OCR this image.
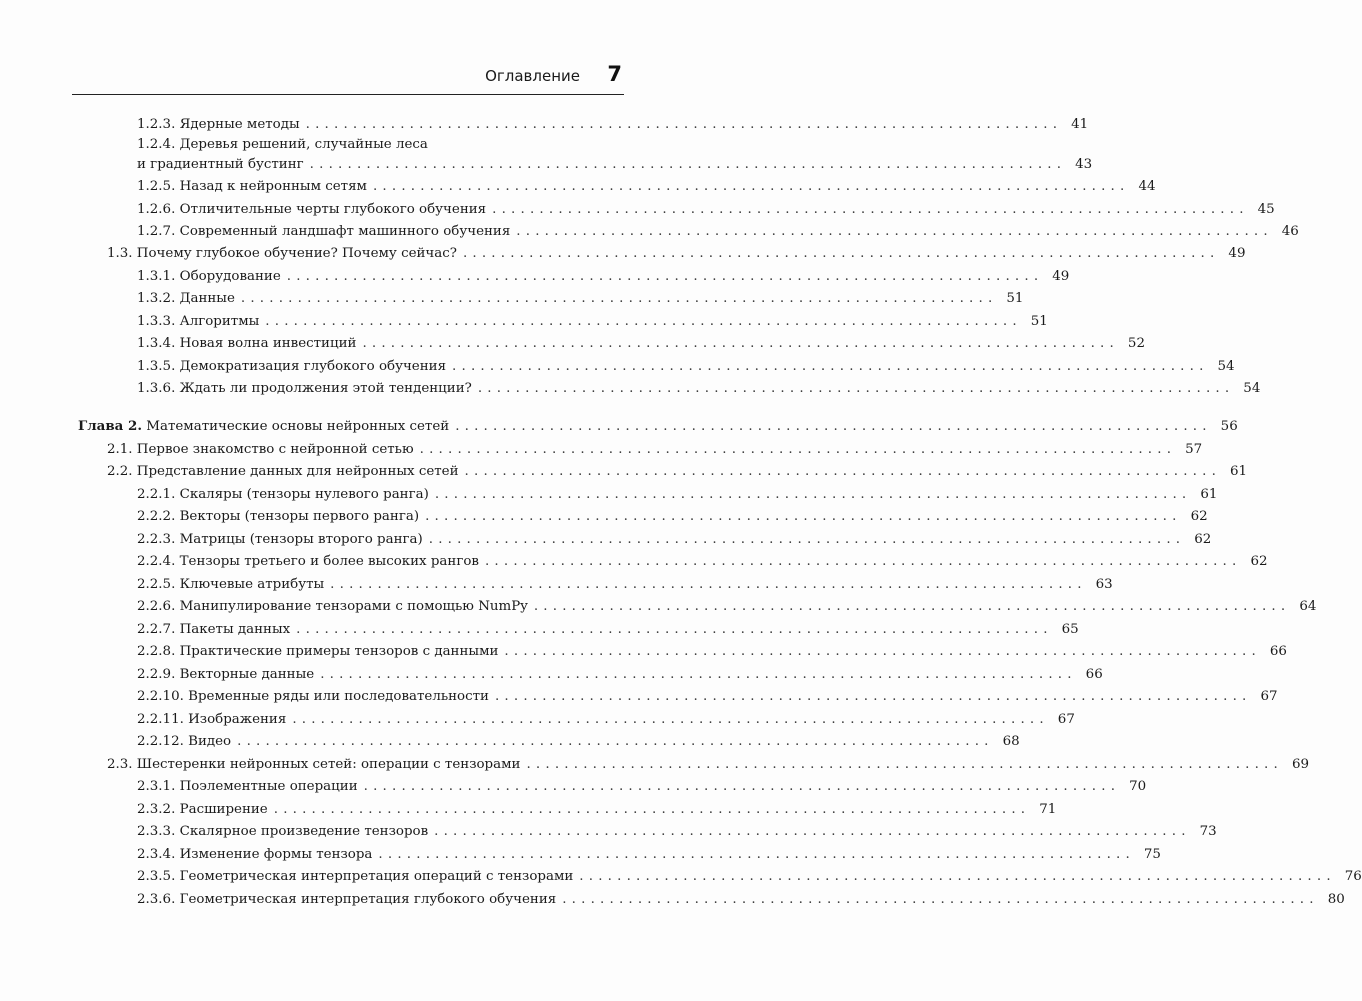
Оглавление 7
1.2.3. Ядерные методы ................................................................................ 41
1.2.4. Деревья решений, случайные леса
и градиентный бустинг ................................................................................ 43
1.2.5. Назад к нейронным сетям ................................................................................ 44
1.2.6. Отличительные черты глубокого обучения ................................................................................ 45
1.2.7. Современный ландшафт машинного обучения ................................................................................ 46
1.3. Почему глубокое обучение? Почему сейчас? ................................................................................ 49
1.3.1. Оборудование ................................................................................ 49
1.3.2. Данные ................................................................................ 51
1.3.3. Алгоритмы ................................................................................ 51
1.3.4. Новая волна инвестиций ................................................................................ 52
1.3.5. Демократизация глубокого обучения ................................................................................ 54
1.3.6. Ждать ли продолжения этой тенденции? ................................................................................ 54
Глава 2. Математические основы нейронных сетей ................................................................................ 56
2.1. Первое знакомство с нейронной сетью ................................................................................ 57
2.2. Представление данных для нейронных сетей ................................................................................ 61
2.2.1. Скаляры (тензоры нулевого ранга) ................................................................................ 61
2.2.2. Векторы (тензоры первого ранга) ................................................................................ 62
2.2.3. Матрицы (тензоры второго ранга) ................................................................................ 62
2.2.4. Тензоры третьего и более высоких рангов ................................................................................ 62
2.2.5. Ключевые атрибуты ................................................................................ 63
2.2.6. Манипулирование тензорами с помощью NumPy ................................................................................ 64
2.2.7. Пакеты данных ................................................................................ 65
2.2.8. Практические примеры тензоров с данными ................................................................................ 66
2.2.9. Векторные данные ................................................................................ 66
2.2.10. Временные ряды или последовательности ................................................................................ 67
2.2.11. Изображения ................................................................................ 67
2.2.12. Видео ................................................................................ 68
2.3. Шестеренки нейронных сетей: операции с тензорами ................................................................................ 69
2.3.1. Поэлементные операции ................................................................................ 70
2.3.2. Расширение ................................................................................ 71
2.3.3. Скалярное произведение тензоров ................................................................................ 73
2.3.4. Изменение формы тензора ................................................................................ 75
2.3.5. Геометрическая интерпретация операций с тензорами ................................................................................ 76
2.3.6. Геометрическая интерпретация глубокого обучения ................................................................................ 80
